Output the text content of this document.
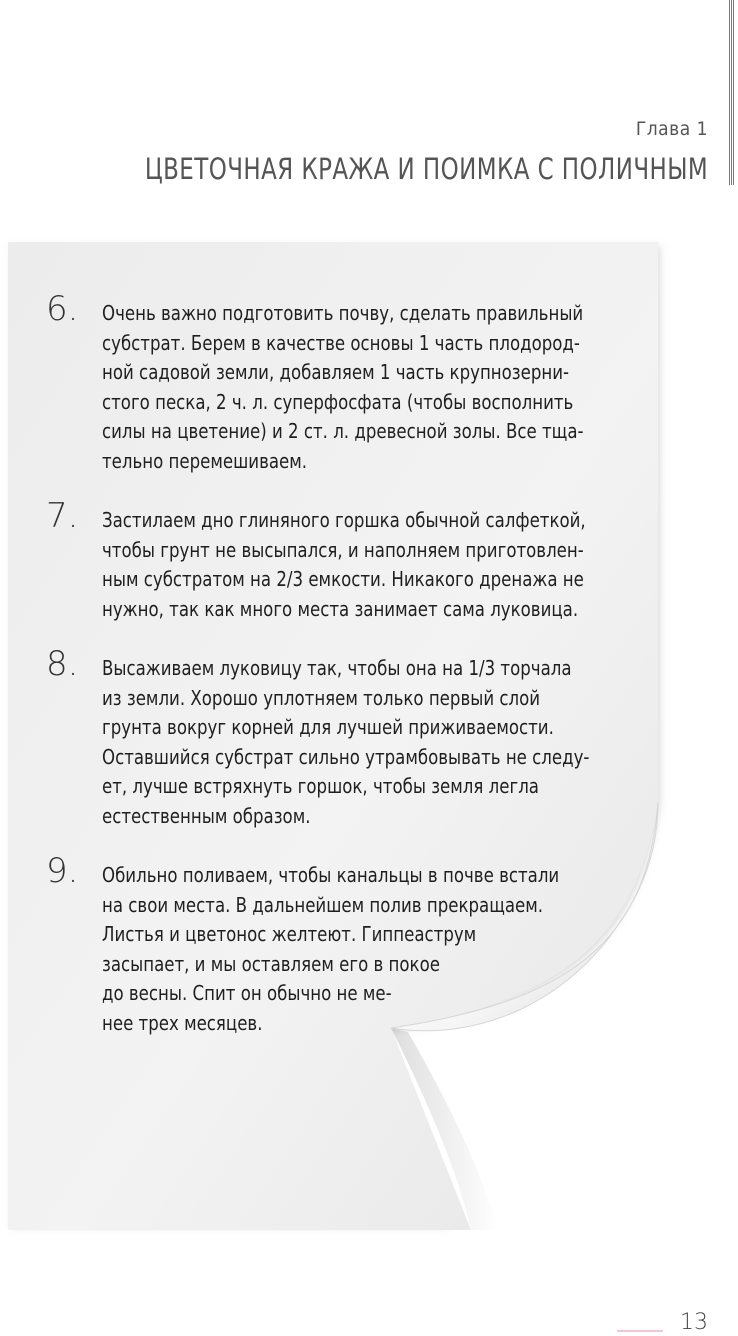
Глава 1
ЦВЕТОЧНАЯ КРАЖА И ПОИМКА С ПОЛИЧНЫМ
6. Очень важно подготовить почву, сделать правильный
субстрат. Берем в качестве основы 1 часть плодород-
ной садовой земли, добавляем 1 часть крупнозерни-
стого песка, 2 ч. л. суперфосфата (чтобы восполнить
силы на цветение) и 2 ст. л. древесной золы. Все тща-
тельно перемешиваем.
7. Застилаем дно глиняного горшка обычной салфеткой,
чтобы грунт не высыпался, и наполняем приготовлен-
ным субстратом на 2/3 емкости. Никакого дренажа не
нужно, так как много места занимает сама луковица.
8. Высаживаем луковицу так, чтобы она на 1/3 торчала
из земли. Хорошо уплотняем только первый слой
грунта вокруг корней для лучшей приживаемости.
Оставшийся субстрат сильно утрамбовывать не следу-
ет, лучше встряхнуть горшок, чтобы земля легла
естественным образом.
9. Обильно поливаем, чтобы канальцы в почве встали
на свои места. В дальнейшем полив прекращаем.
Листья и цветонос желтеют. Гиппеаструм
засыпает, и мы оставляем его в покое
до весны. Спит он обычно не ме-
нее трех месяцев.
13
